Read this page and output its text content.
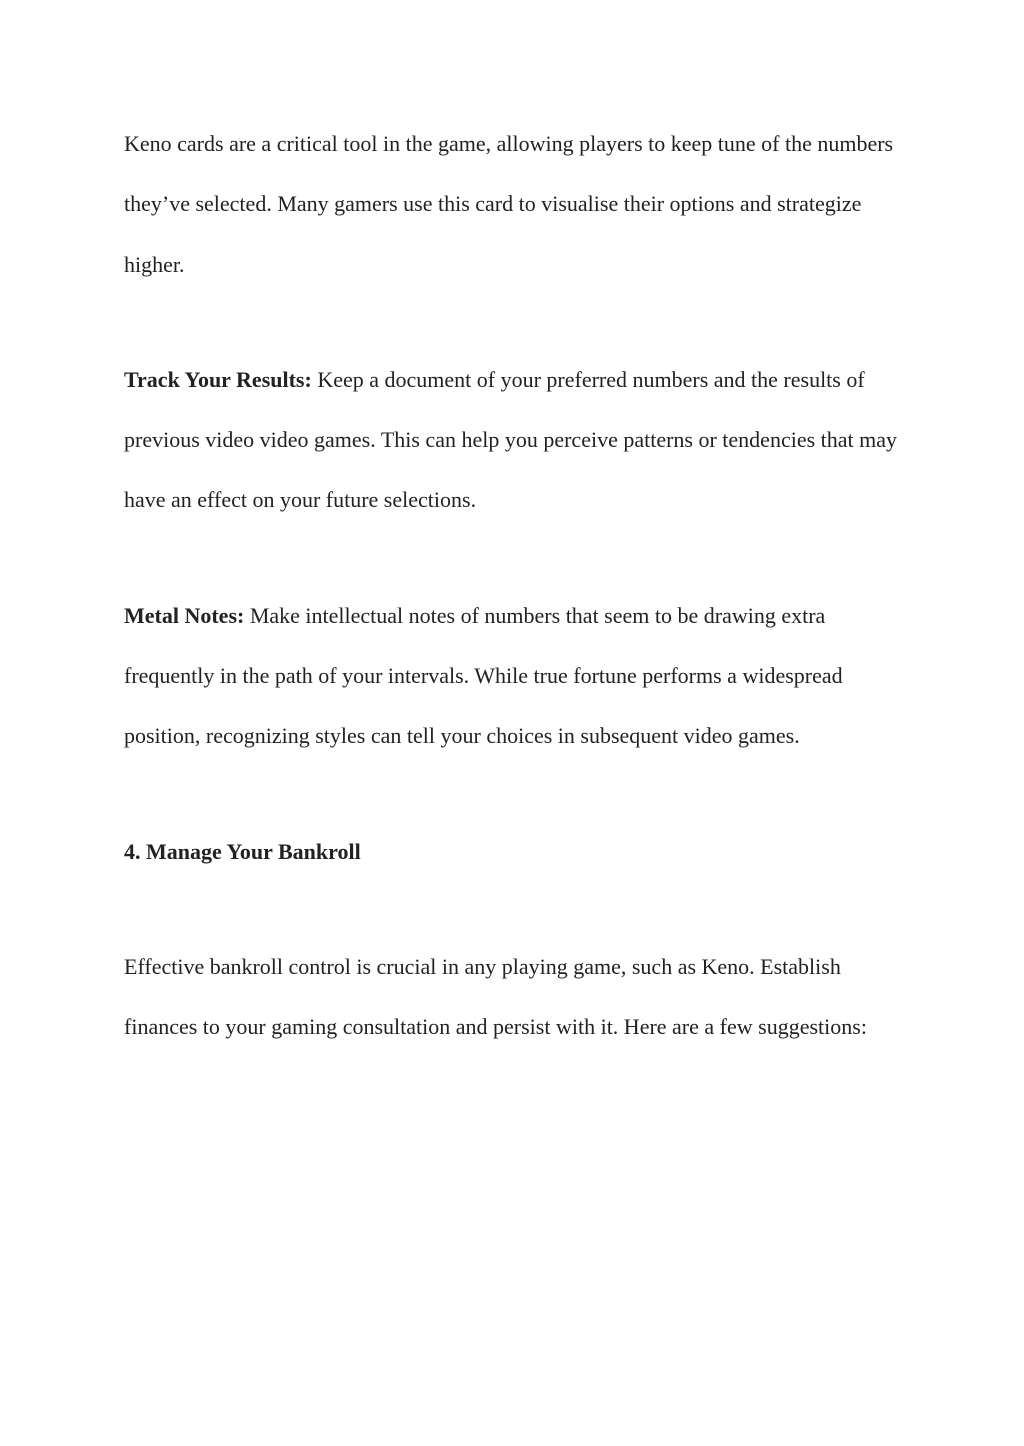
Keno cards are a critical tool in the game, allowing players to keep tune of the numbers they’ve selected. Many gamers use this card to visualise their options and strategize higher.

Track Your Results: Keep a document of your preferred numbers and the results of previous video video games. This can help you perceive patterns or tendencies that may have an effect on your future selections.

Metal Notes: Make intellectual notes of numbers that seem to be drawing extra frequently in the path of your intervals. While true fortune performs a widespread position, recognizing styles can tell your choices in subsequent video games.

4. Manage Your Bankroll

Effective bankroll control is crucial in any playing game, such as Keno. Establish finances to your gaming consultation and persist with it. Here are a few suggestions:
